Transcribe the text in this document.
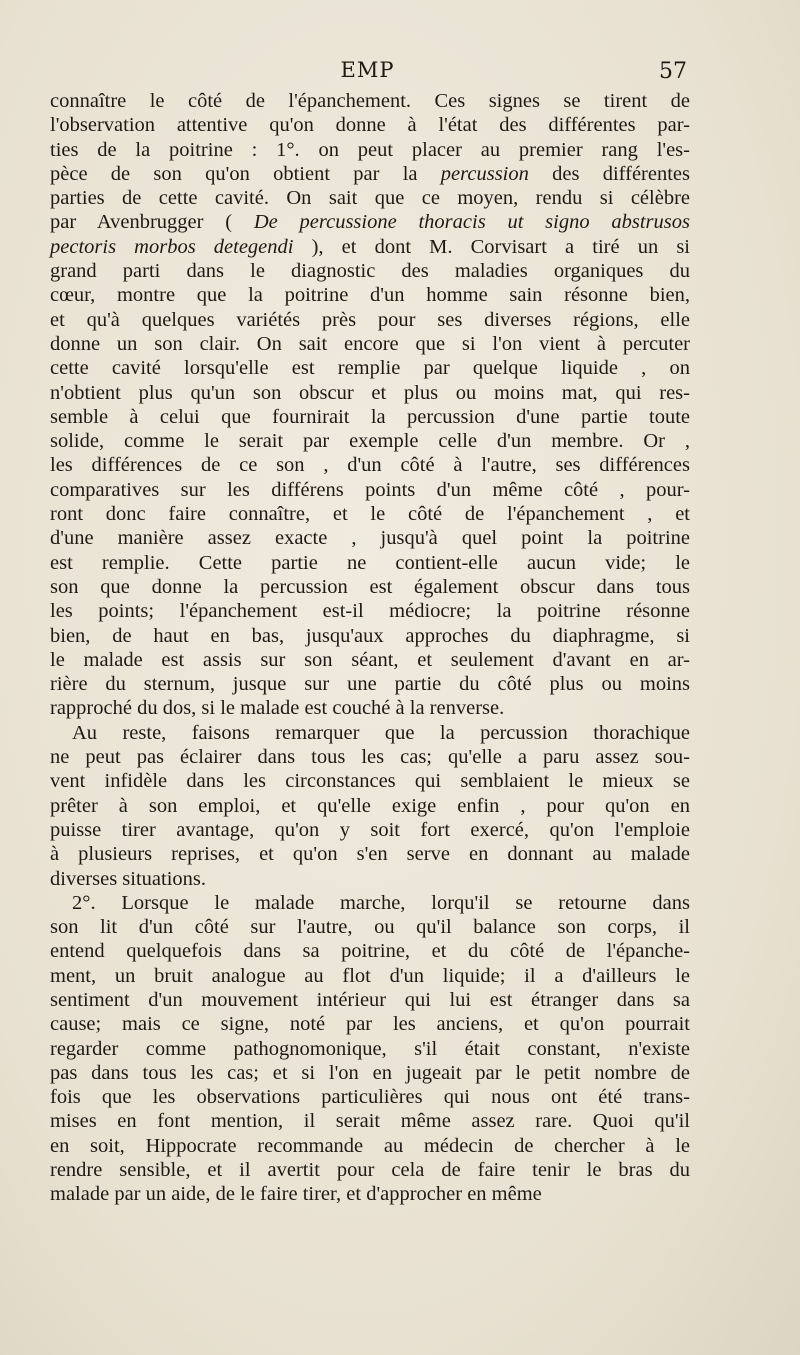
EMP	57
connaître le côté de l'épanchement. Ces signes se tirent de
l'observation attentive qu'on donne à l'état des différentes par-
ties de la poitrine : 1°. on peut placer au premier rang l'es-
pèce de son qu'on obtient par la percussion des différentes
parties de cette cavité. On sait que ce moyen, rendu si célèbre
par Avenbrugger ( De percussione thoracis ut signo abstrusos
pectoris morbos detegendi ), et dont M. Corvisart a tiré un si
grand parti dans le diagnostic des maladies organiques du
cœur, montre que la poitrine d'un homme sain résonne bien,
et qu'à quelques variétés près pour ses diverses régions, elle
donne un son clair. On sait encore que si l'on vient à percuter
cette cavité lorsqu'elle est remplie par quelque liquide , on
n'obtient plus qu'un son obscur et plus ou moins mat, qui res-
semble à celui que fournirait la percussion d'une partie toute
solide, comme le serait par exemple celle d'un membre. Or ,
les différences de ce son , d'un côté à l'autre, ses différences
comparatives sur les différens points d'un même côté , pour-
ront donc faire connaître, et le côté de l'épanchement , et
d'une manière assez exacte , jusqu'à quel point la poitrine
est remplie. Cette partie ne contient-elle aucun vide; le
son que donne la percussion est également obscur dans tous
les points; l'épanchement est-il médiocre; la poitrine résonne
bien, de haut en bas, jusqu'aux approches du diaphragme, si
le malade est assis sur son séant, et seulement d'avant en ar-
rière du sternum, jusque sur une partie du côté plus ou moins
rapproché du dos, si le malade est couché à la renverse.
Au reste, faisons remarquer que la percussion thorachique
ne peut pas éclairer dans tous les cas; qu'elle a paru assez sou-
vent infidèle dans les circonstances qui semblaient le mieux se
prêter à son emploi, et qu'elle exige enfin , pour qu'on en
puisse tirer avantage, qu'on y soit fort exercé, qu'on l'emploie
à plusieurs reprises, et qu'on s'en serve en donnant au malade
diverses situations.
2°. Lorsque le malade marche, lorqu'il se retourne dans
son lit d'un côté sur l'autre, ou qu'il balance son corps, il
entend quelquefois dans sa poitrine, et du côté de l'épanche-
ment, un bruit analogue au flot d'un liquide; il a d'ailleurs le
sentiment d'un mouvement intérieur qui lui est étranger dans sa
cause; mais ce signe, noté par les anciens, et qu'on pourrait
regarder comme pathognomonique, s'il était constant, n'existe
pas dans tous les cas; et si l'on en jugeait par le petit nombre de
fois que les observations particulières qui nous ont été trans-
mises en font mention, il serait même assez rare. Quoi qu'il
en soit, Hippocrate recommande au médecin de chercher à le
rendre sensible, et il avertit pour cela de faire tenir le bras du
malade par un aide, de le faire tirer, et d'approcher en même
